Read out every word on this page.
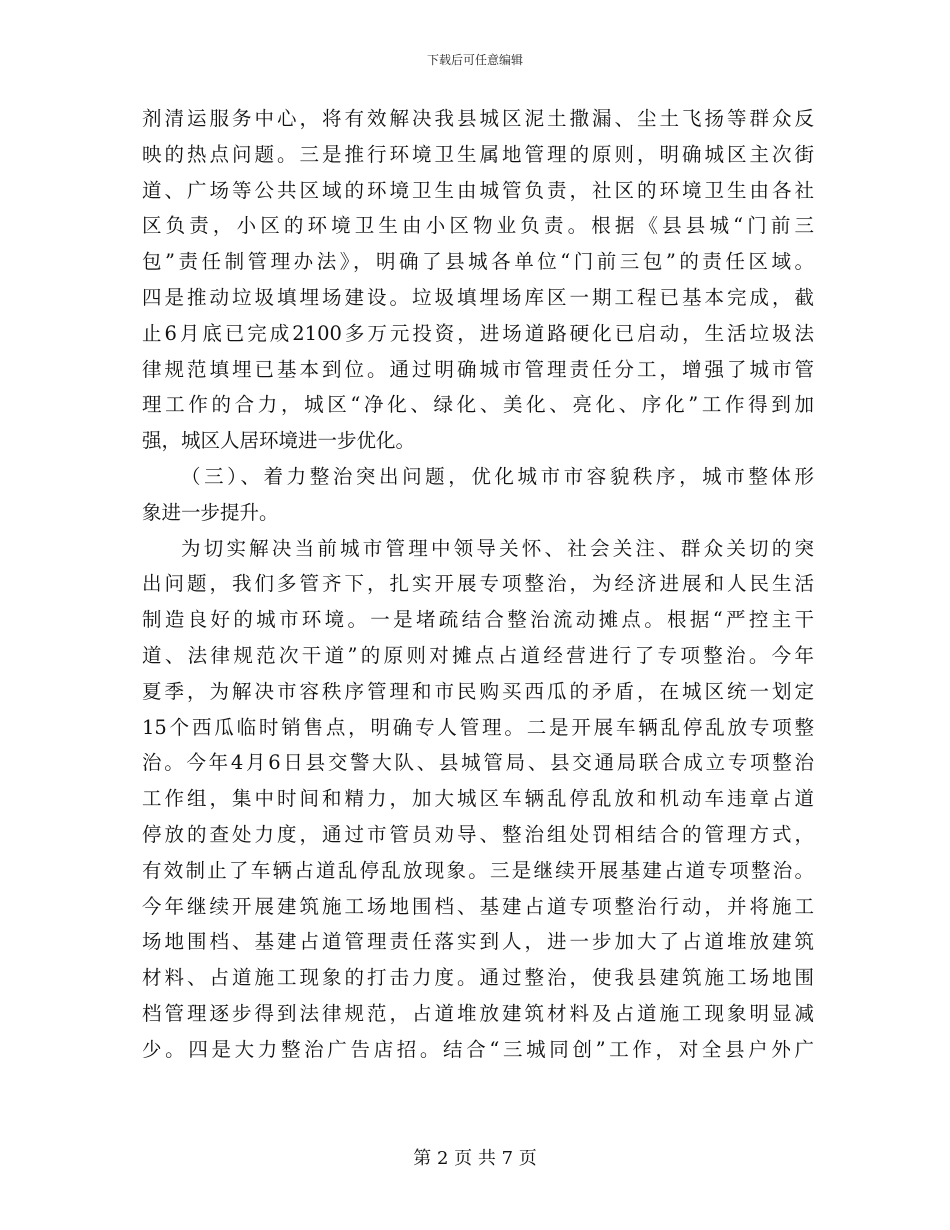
下载后可任意编辑
剂清运服务中心，将有效解决我县城区泥土撒漏、尘土飞扬等群众反
映的热点问题。三是推行环境卫生属地管理的原则，明确城区主次街
道、广场等公共区域的环境卫生由城管负责，社区的环境卫生由各社
区负责，小区的环境卫生由小区物业负责。根据《县县城“门前三
包”责任制管理办法》，明确了县城各单位“门前三包”的责任区域。
四是推动垃圾填埋场建设。垃圾填埋场库区一期工程已基本完成，截
止6月底已完成2100多万元投资，进场道路硬化已启动，生活垃圾法
律规范填埋已基本到位。通过明确城市管理责任分工，增强了城市管
理工作的合力，城区“净化、绿化、美化、亮化、序化”工作得到加
强，城区人居环境进一步优化。
（三）、着力整治突出问题，优化城市市容貌秩序，城市整体形
象进一步提升。
为切实解决当前城市管理中领导关怀、社会关注、群众关切的突
出问题，我们多管齐下，扎实开展专项整治，为经济进展和人民生活
制造良好的城市环境。一是堵疏结合整治流动摊点。根据“严控主干
道、法律规范次干道”的原则对摊点占道经营进行了专项整治。今年
夏季，为解决市容秩序管理和市民购买西瓜的矛盾，在城区统一划定
15个西瓜临时销售点，明确专人管理。二是开展车辆乱停乱放专项整
治。今年4月6日县交警大队、县城管局、县交通局联合成立专项整治
工作组，集中时间和精力，加大城区车辆乱停乱放和机动车违章占道
停放的查处力度，通过市管员劝导、整治组处罚相结合的管理方式，
有效制止了车辆占道乱停乱放现象。三是继续开展基建占道专项整治。
今年继续开展建筑施工场地围档、基建占道专项整治行动，并将施工
场地围档、基建占道管理责任落实到人，进一步加大了占道堆放建筑
材料、占道施工现象的打击力度。通过整治，使我县建筑施工场地围
档管理逐步得到法律规范，占道堆放建筑材料及占道施工现象明显减
少。四是大力整治广告店招。结合“三城同创”工作，对全县户外广
第 2 页 共 7 页
